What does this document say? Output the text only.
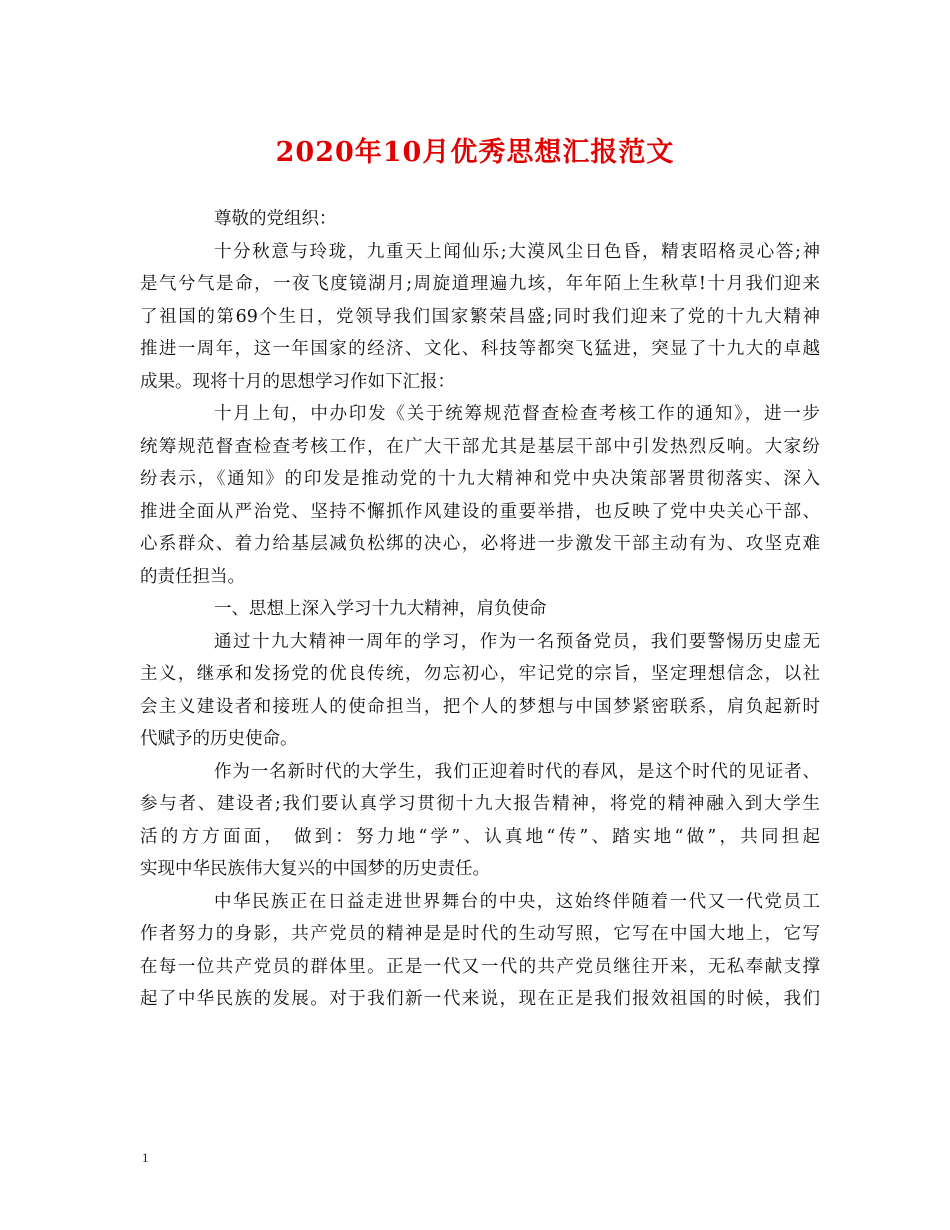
2020年10月优秀思想汇报范文
尊敬的党组织：
十分秋意与玲珑，九重天上闻仙乐;大漠风尘日色昏，精衷昭格灵心答;神
是气兮气是命，一夜飞度镜湖月;周旋道理遍九垓，年年陌上生秋草!十月我们迎来
了祖国的第69个生日，党领导我们国家繁荣昌盛;同时我们迎来了党的十九大精神
推进一周年，这一年国家的经济、文化、科技等都突飞猛进，突显了十九大的卓越
成果。现将十月的思想学习作如下汇报：
十月上旬，中办印发《关于统筹规范督查检查考核工作的通知》，进一步
统筹规范督查检查考核工作，在广大干部尤其是基层干部中引发热烈反响。大家纷
纷表示，《通知》的印发是推动党的十九大精神和党中央决策部署贯彻落实、深入
推进全面从严治党、坚持不懈抓作风建设的重要举措，也反映了党中央关心干部、
心系群众、着力给基层减负松绑的决心，必将进一步激发干部主动有为、攻坚克难
的责任担当。
一、思想上深入学习十九大精神，肩负使命
通过十九大精神一周年的学习，作为一名预备党员，我们要警惕历史虚无
主义，继承和发扬党的优良传统，勿忘初心，牢记党的宗旨，坚定理想信念，以社
会主义建设者和接班人的使命担当，把个人的梦想与中国梦紧密联系，肩负起新时
代赋予的历史使命。
作为一名新时代的大学生，我们正迎着时代的春风，是这个时代的见证者、
参与者、建设者;我们要认真学习贯彻十九大报告精神，将党的精神融入到大学生
活的方方面面， 做到：努力地“学”、认真地“传”、踏实地“做”，共同担起
实现中华民族伟大复兴的中国梦的历史责任。
中华民族正在日益走进世界舞台的中央，这始终伴随着一代又一代党员工
作者努力的身影，共产党员的精神是是时代的生动写照，它写在中国大地上，它写
在每一位共产党员的群体里。正是一代又一代的共产党员继往开来，无私奉献支撑
起了中华民族的发展。对于我们新一代来说，现在正是我们报效祖国的时候，我们
1
